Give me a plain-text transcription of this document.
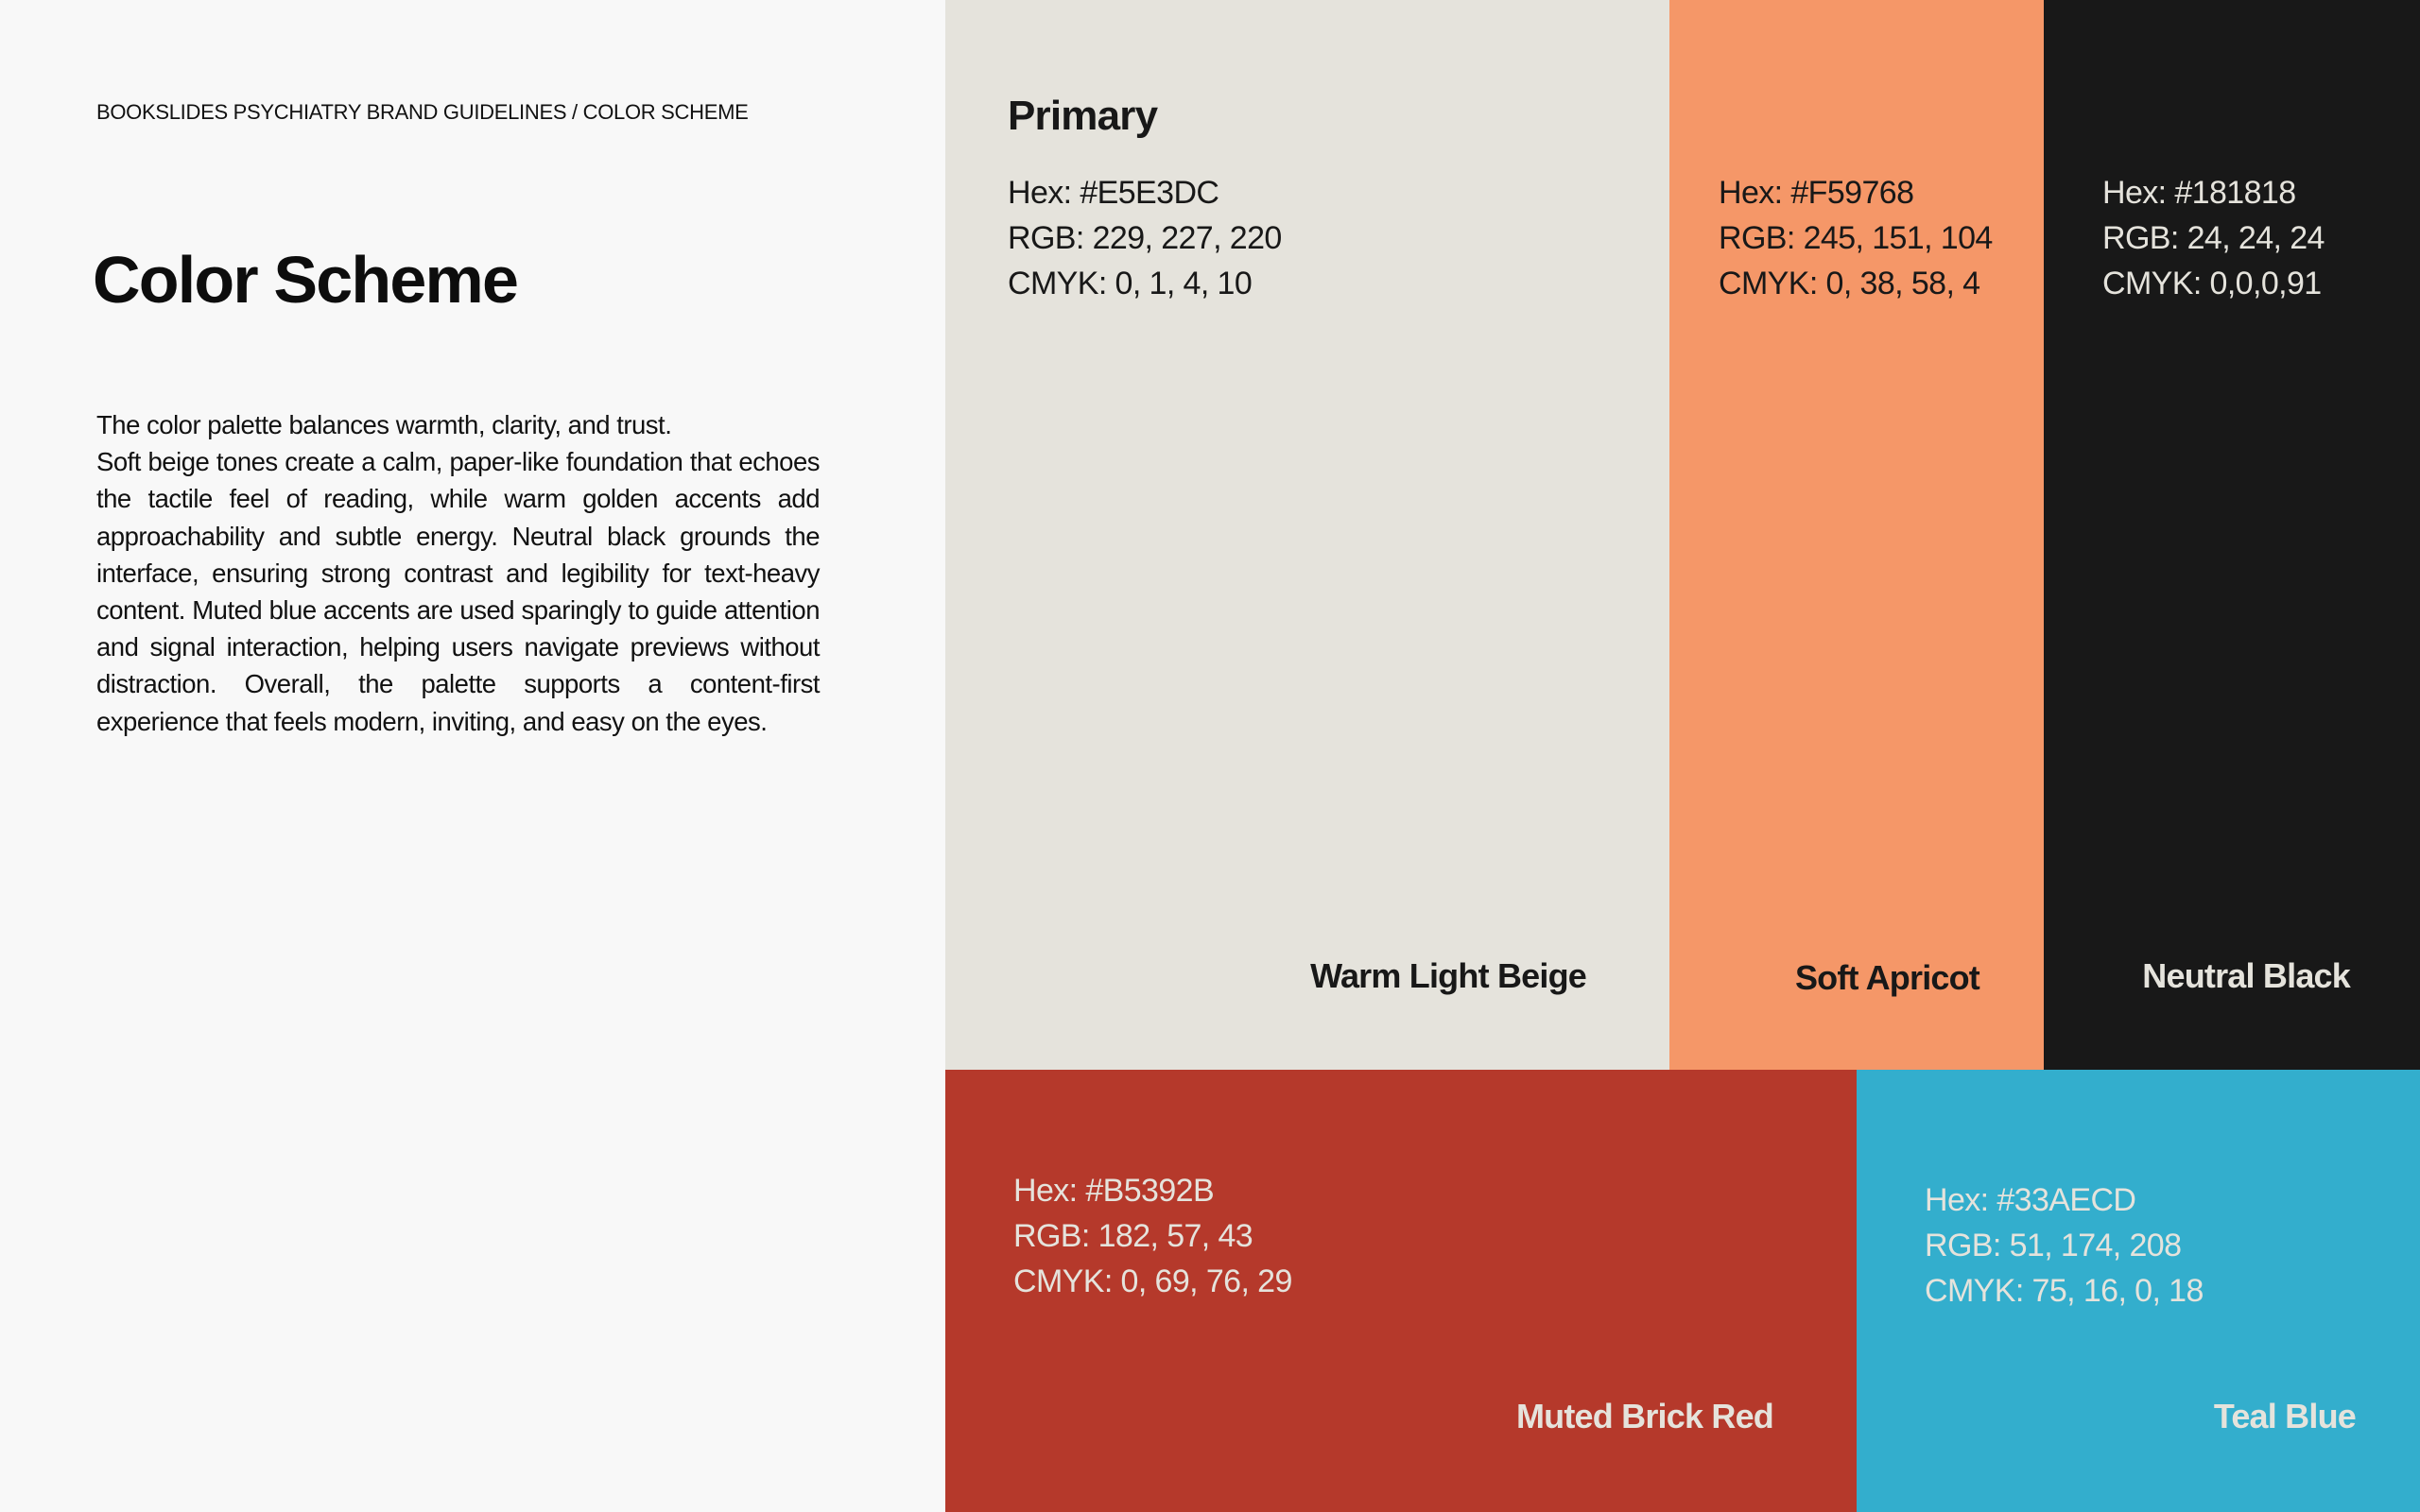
BOOKSLIDES PSYCHIATRY BRAND GUIDELINES / COLOR SCHEME
Color Scheme

The color palette balances warmth, clarity, and trust.

Soft beige tones create a calm, paper-like foundation that echoes the tactile feel of reading, while warm golden accents add approachability and subtle energy. Neutral black grounds the interface, ensuring strong contrast and legibility for text-heavy content. Muted blue accents are used sparingly to guide attention and signal interaction, helping users navigate previews without distraction. Overall, the palette supports a content-first experience that feels modern, inviting, and easy on the eyes.

Primary
Hex: #E5E3DC
RGB: 229, 227, 220
CMYK: 0, 1, 4, 10
Warm Light Beige
Hex: #F59768
RGB: 245, 151, 104
CMYK: 0, 38, 58, 4
Soft Apricot
Hex: #181818
RGB: 24, 24, 24
CMYK: 0,0,0,91
Neutral Black
Hex: #B5392B
RGB: 182, 57, 43
CMYK: 0, 69, 76, 29
Muted Brick Red
Hex: #33AECD
RGB: 51, 174, 208
CMYK: 75, 16, 0, 18
Teal Blue
